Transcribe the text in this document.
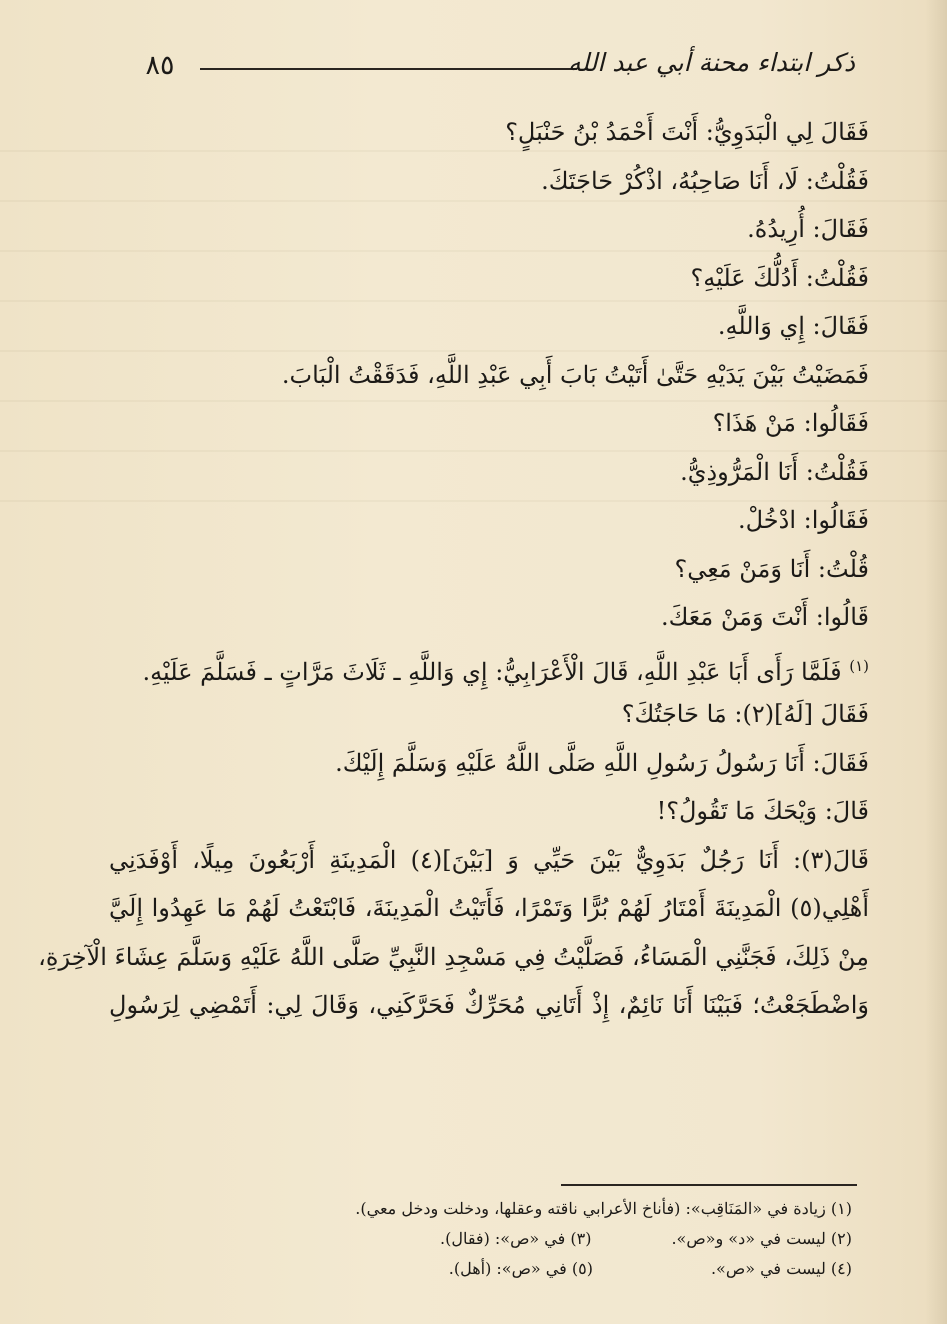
٨٥	ذكر ابتداء محنة أبي عبد الله
فَقَالَ لِي الْبَدَوِيُّ: أَنْتَ أَحْمَدُ بْنُ حَنْبَلٍ؟
فَقُلْتُ: لَا، أَنَا صَاحِبُهُ، اذْكُرْ حَاجَتَكَ.
فَقَالَ: أُرِيدُهُ.
فَقُلْتُ: أَدُلُّكَ عَلَيْهِ؟
فَقَالَ: إِي وَاللَّهِ.
فَمَضَيْتُ بَيْنَ يَدَيْهِ حَتَّىٰ أَتَيْتُ بَابَ أَبِي عَبْدِ اللَّهِ، فَدَقَقْتُ الْبَابَ.
فَقَالُوا: مَنْ هَذَا؟
فَقُلْتُ: أَنَا الْمَرُّوذِيُّ.
فَقَالُوا: ادْخُلْ.
قُلْتُ: أَنَا وَمَنْ مَعِي؟
قَالُوا: أَنْتَ وَمَنْ مَعَكَ.
$^{(١)}$ فَلَمَّا رَأَى أَبَا عَبْدِ اللَّهِ، قَالَ الْأَعْرَابِيُّ: إِي وَاللَّهِ ـ ثَلَاثَ مَرَّاتٍ ـ فَسَلَّمَ عَلَيْهِ.
فَقَالَ [لَهُ](٢): مَا حَاجَتُكَ؟
فَقَالَ: أَنَا رَسُولُ رَسُولِ اللَّهِ صَلَّى اللَّهُ عَلَيْهِ وَسَلَّمَ إِلَيْكَ.
قَالَ: وَيْحَكَ مَا تَقُولُ؟!
قَالَ(٣): أَنَا رَجُلٌ بَدَوِيٌّ بَيْنَ حَيِّي وَ [بَيْنَ](٤) الْمَدِينَةِ أَرْبَعُونَ مِيلًا، أَوْفَدَنِي
أَهْلِي(٥) الْمَدِينَةَ أَمْتَارُ لَهُمْ بُرًّا وَتَمْرًا، فَأَتَيْتُ الْمَدِينَةَ، فَابْتَعْتُ لَهُمْ مَا عَهِدُوا إِلَيَّ
مِنْ ذَلِكَ، فَجَنَّنِي الْمَسَاءُ، فَصَلَّيْتُ فِي مَسْجِدِ النَّبِيِّ صَلَّى اللَّهُ عَلَيْهِ وَسَلَّمَ عِشَاءَ الْآخِرَةِ،
وَاضْطَجَعْتُ؛ فَبَيْنَا أَنَا نَائِمٌ، إِذْ أَتَانِي مُحَرِّكٌ فَحَرَّكَنِي، وَقَالَ لِي: أَتَمْضِي لِرَسُولِ
(١) زيادة في «المَنَاقِب»: (فأناخ الأعرابي ناقته وعقلها، ودخلت ودخل معي).
(٢) ليست في «د» و«ص».(٣) في «ص»: (فقال).
(٤) ليست في «ص».(٥) في «ص»: (أهل).
